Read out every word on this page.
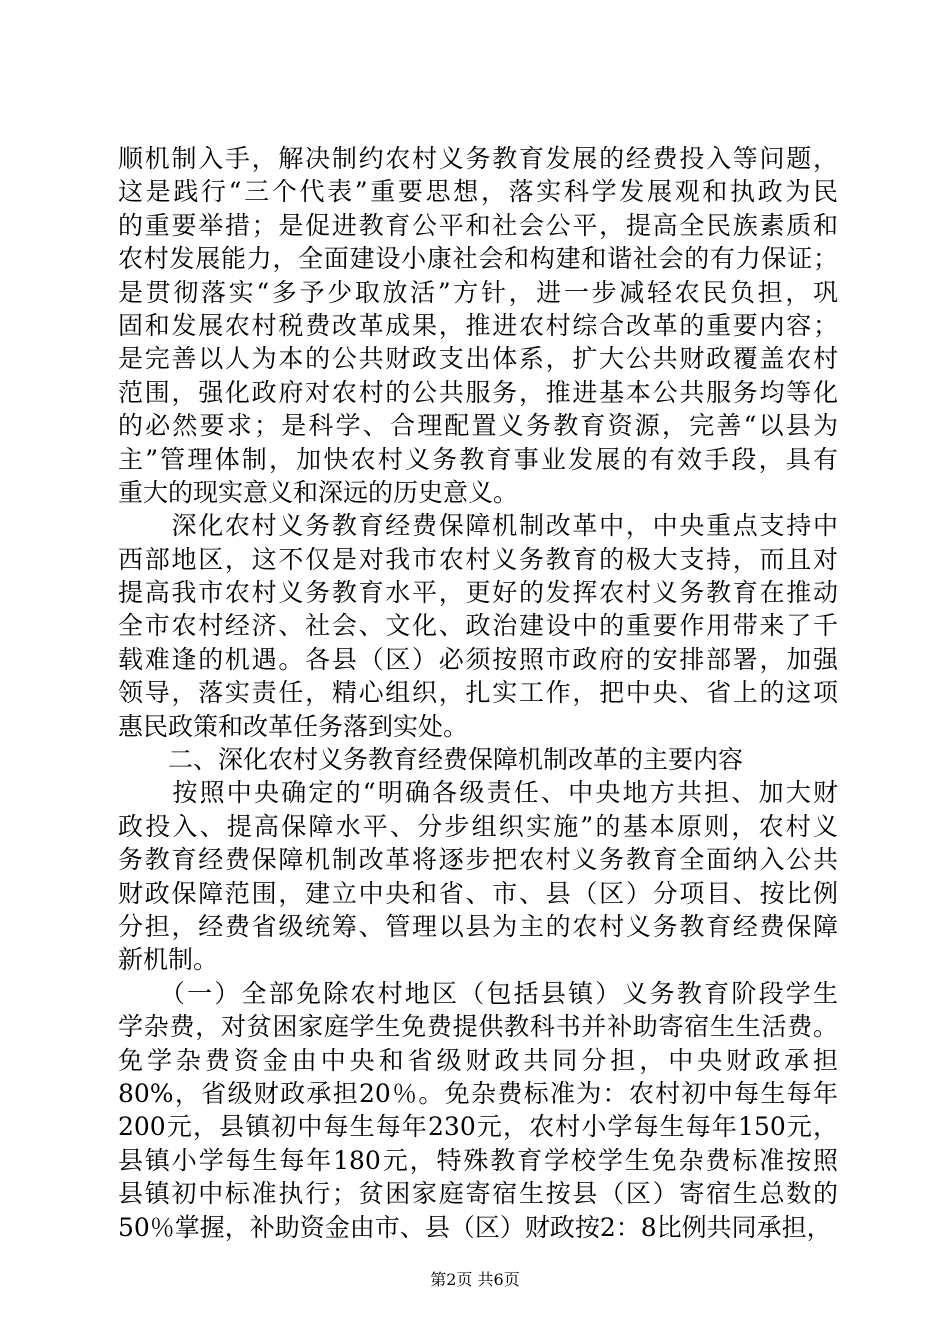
顺机制入手，解决制约农村义务教育发展的经费投入等问题，
这是践行“三个代表”重要思想，落实科学发展观和执政为民
的重要举措；是促进教育公平和社会公平，提高全民族素质和
农村发展能力，全面建设小康社会和构建和谐社会的有力保证；
是贯彻落实“多予少取放活”方针，进一步减轻农民负担，巩
固和发展农村税费改革成果，推进农村综合改革的重要内容；
是完善以人为本的公共财政支出体系，扩大公共财政覆盖农村
范围，强化政府对农村的公共服务，推进基本公共服务均等化
的必然要求；是科学、合理配置义务教育资源，完善“以县为
主”管理体制，加快农村义务教育事业发展的有效手段，具有
重大的现实意义和深远的历史意义。
　　深化农村义务教育经费保障机制改革中，中央重点支持中
西部地区，这不仅是对我市农村义务教育的极大支持，而且对
提高我市农村义务教育水平，更好的发挥农村义务教育在推动
全市农村经济、社会、文化、政治建设中的重要作用带来了千
载难逢的机遇。各县（区）必须按照市政府的安排部署，加强
领导，落实责任，精心组织，扎实工作，把中央、省上的这项
惠民政策和改革任务落到实处。
　　二、深化农村义务教育经费保障机制改革的主要内容
　　按照中央确定的“明确各级责任、中央地方共担、加大财
政投入、提高保障水平、分步组织实施”的基本原则，农村义
务教育经费保障机制改革将逐步把农村义务教育全面纳入公共
财政保障范围，建立中央和省、市、县（区）分项目、按比例
分担，经费省级统筹、管理以县为主的农村义务教育经费保障
新机制。
　　（一）全部免除农村地区（包括县镇）义务教育阶段学生
学杂费，对贫困家庭学生免费提供教科书并补助寄宿生生活费。
免学杂费资金由中央和省级财政共同分担，中央财政承担
80%，省级财政承担20％。免杂费标准为：农村初中每生每年
200元，县镇初中每生每年230元，农村小学每生每年150元，
县镇小学每生每年180元，特殊教育学校学生免杂费标准按照
县镇初中标准执行；贫困家庭寄宿生按县（区）寄宿生总数的
50％掌握，补助资金由市、县（区）财政按2：8比例共同承担，
第2页 共6页
